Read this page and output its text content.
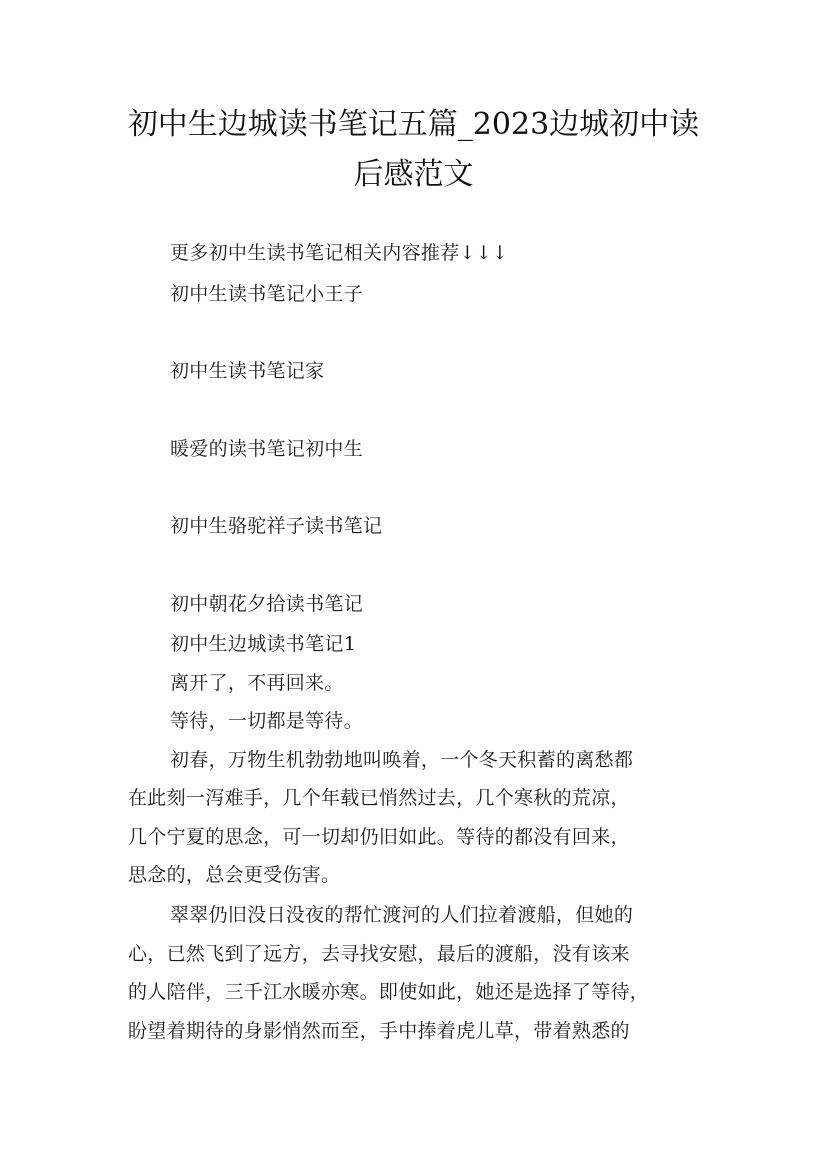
初中生边城读书笔记五篇_2023边城初中读
后感范文

更多初中生读书笔记相关内容推荐↓↓↓

初中生读书笔记小王子

初中生读书笔记家

暖爱的读书笔记初中生

初中生骆驼祥子读书笔记

初中朝花夕拾读书笔记

初中生边城读书笔记1

离开了，不再回来。

等待，一切都是等待。

初春，万物生机勃勃地叫唤着，一个冬天积蓄的离愁都

在此刻一泻难手，几个年载已悄然过去，几个寒秋的荒凉，

几个宁夏的思念，可一切却仍旧如此。等待的都没有回来，

思念的，总会更受伤害。

翠翠仍旧没日没夜的帮忙渡河的人们拉着渡船，但她的

心，已然飞到了远方，去寻找安慰，最后的渡船，没有该来

的人陪伴，三千江水暖亦寒。即使如此，她还是选择了等待，

盼望着期待的身影悄然而至，手中捧着虎儿草，带着熟悉的
